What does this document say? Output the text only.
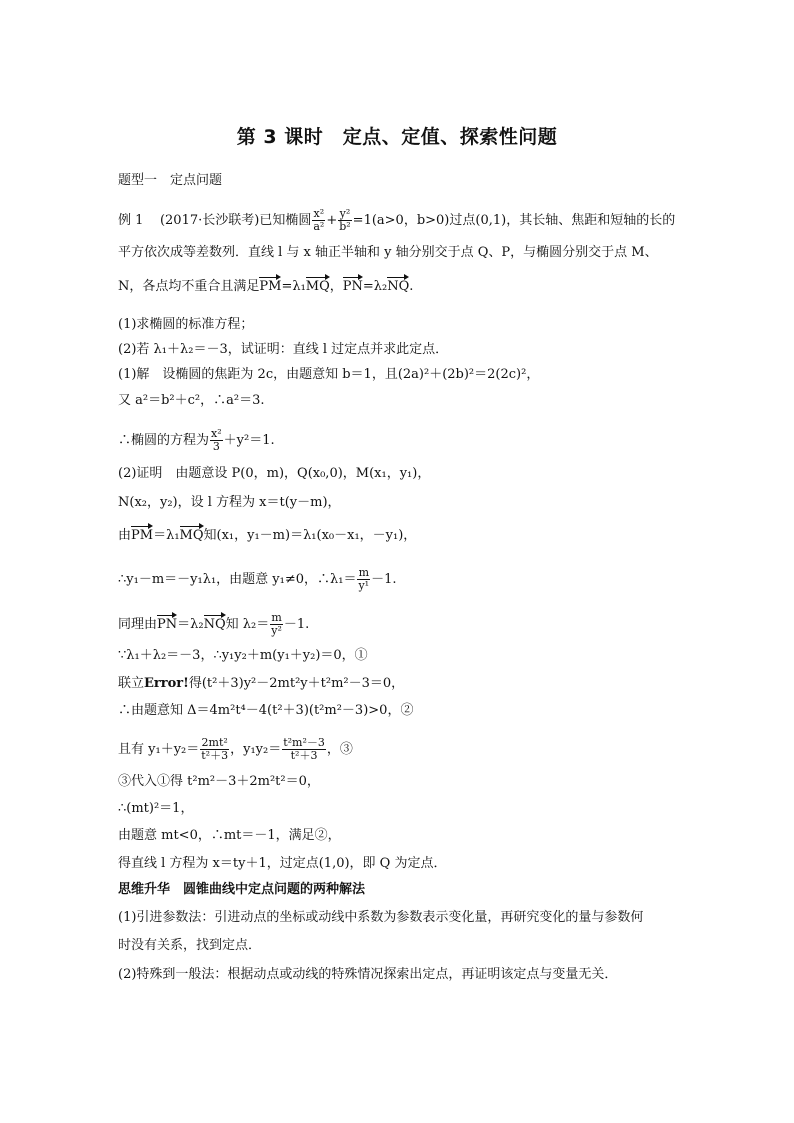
第 3 课时　定点、定值、探索性问题
题型一　定点问题
例 1 (2017·长沙联考)已知椭圆 $\frac{\text{x²}}{\text{a²}} + \frac{\text{y²}}{\text{b²}} =1(a>0$，b>0)过点(0,1)，其长轴、焦距和短轴的长的
平方依次成等差数列．直线 l 与 x 轴正半轴和 y 轴分别交于点 Q、P，与椭圆分别交于点 M、
N，各点均不重合且满足PM=λ₁MQ，PN=λ₂NQ.
(1)求椭圆的标准方程；
(2)若 λ₁＋λ₂＝－3，试证明：直线 l 过定点并求此定点．
(1)解　设椭圆的焦距为 2c，由题意知 b＝1，且(2a)²＋(2b)²＝2(2c)²，
又 a²＝b²＋c²，∴a²＝3.
∴椭圆的方程为 $\frac{\text{x²}}{3} +y^2=1$.
(2)证明　由题意设 P(0，m)，Q(x₀,0)，M(x₁，y₁)，
N(x₂，y₂)，设 l 方程为 x＝t(y－m)，
由PM＝λ₁MQ知(x₁，y₁－m)＝λ₁(x₀－x₁，－y₁)，
∴y₁－m＝－y₁λ₁，由题意 y₁≠0，∴λ₁＝ $\frac{m}{\text{y¹}} -1$.
同理由PN＝λ₂NQ知 $\lambda_2= \frac{m}{\text{y²}} -1$.
∵λ₁＋λ₂＝－3，∴y₁y₂＋m(y₁＋y₂)＝0，①
联立Error!得(t²＋3)y²－2mt²y＋t²m²－3＝0，
∴由题意知 Δ＝4m²t⁴－4(t²＋3)(t²m²－3)>0，②
且有 $y_1+y_2= \frac{\text{2mt²}}{\text{t²＋3}}$ ，$y_1y_2= \frac{\text{t²m²－3}}{\text{t²＋3}}$ ，③
③代入①得 t²m²－3＋2m²t²＝0，
∴(mt)²＝1，
由题意 mt<0，∴mt＝－1，满足②，
得直线 l 方程为 x＝ty＋1，过定点(1,0)，即 Q 为定点．
思维升华　圆锥曲线中定点问题的两种解法
(1)引进参数法：引进动点的坐标或动线中系数为参数表示变化量，再研究变化的量与参数何
时没有关系，找到定点．
(2)特殊到一般法：根据动点或动线的特殊情况探索出定点，再证明该定点与变量无关．
